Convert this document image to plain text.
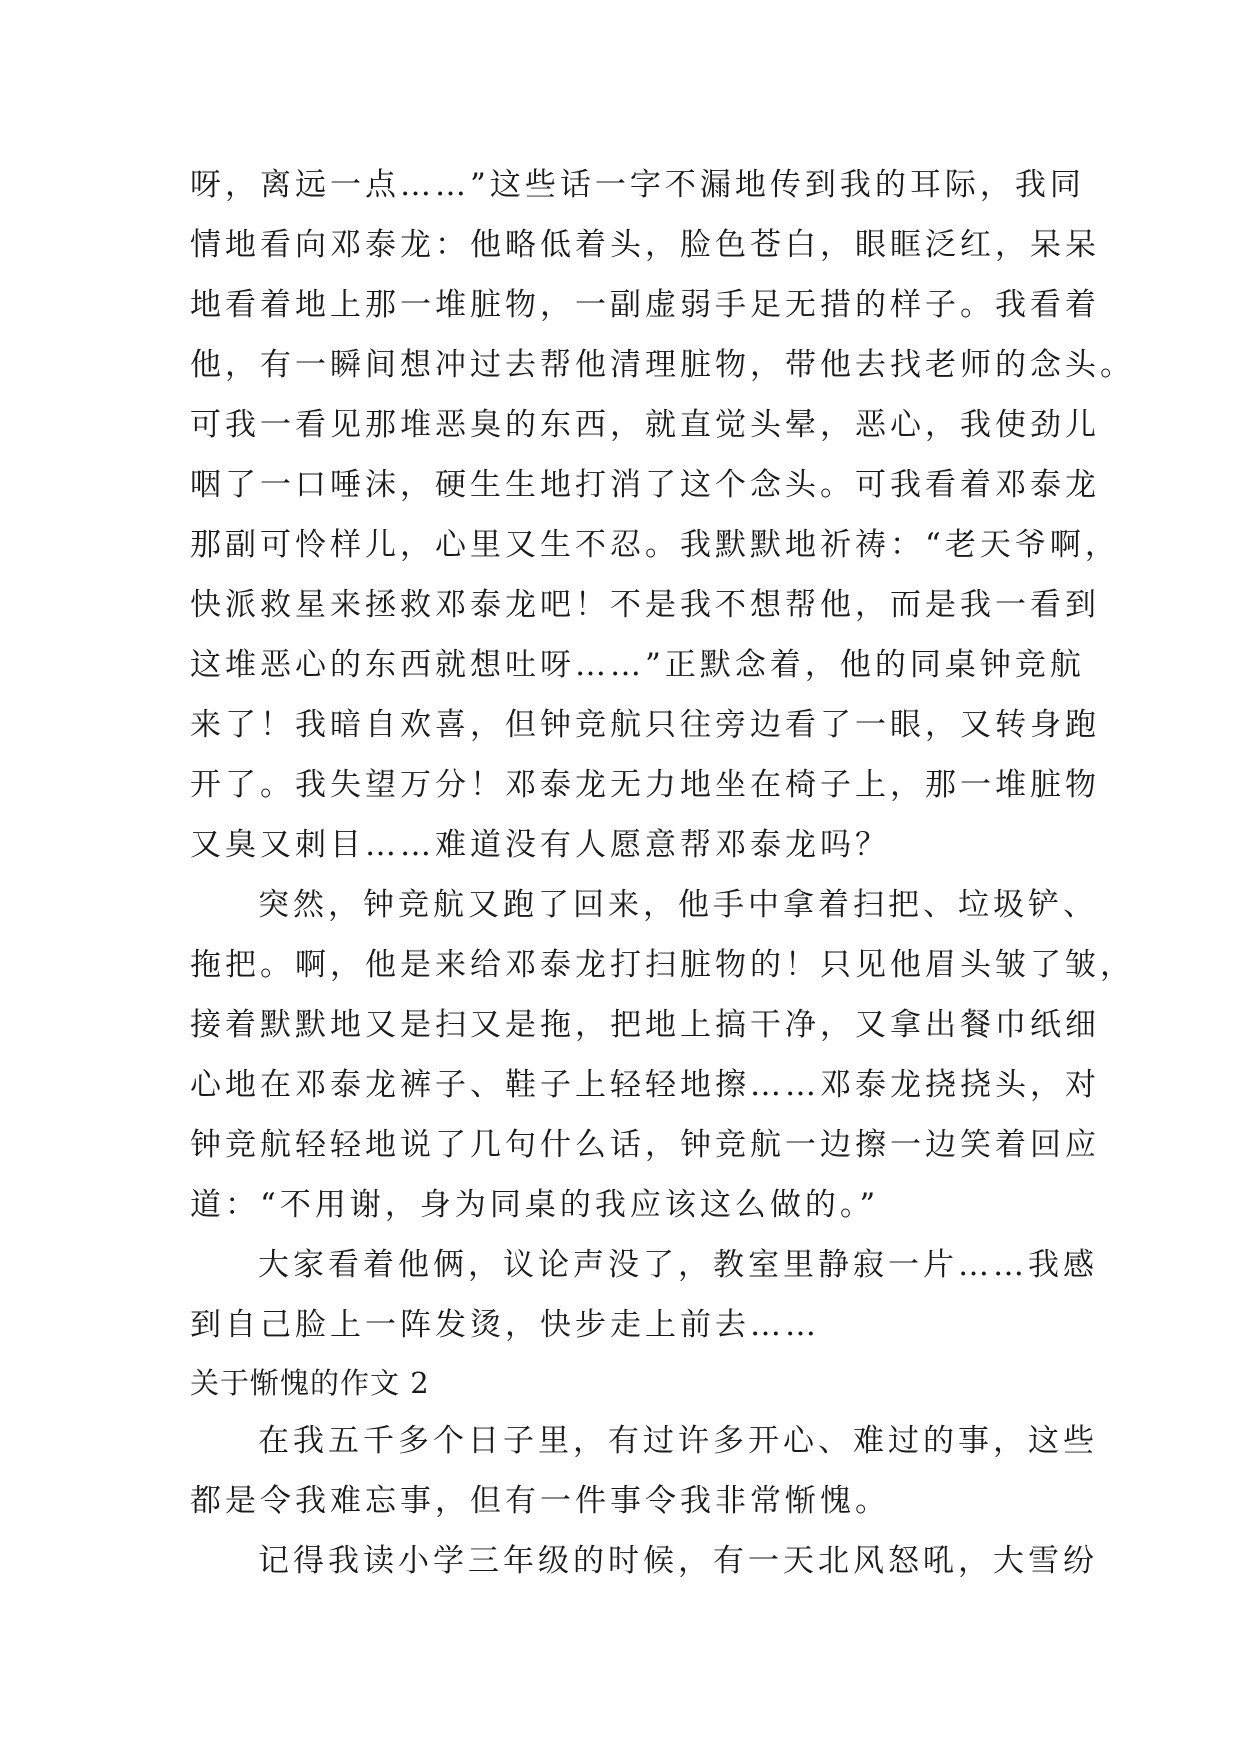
呀，离远一点……”这些话一字不漏地传到我的耳际，我同
情地看向邓泰龙：他略低着头，脸色苍白，眼眶泛红，呆呆
地看着地上那一堆脏物，一副虚弱手足无措的样子。我看着
他，有一瞬间想冲过去帮他清理脏物，带他去找老师的念头。
可我一看见那堆恶臭的东西，就直觉头晕，恶心，我使劲儿
咽了一口唾沫，硬生生地打消了这个念头。可我看着邓泰龙
那副可怜样儿，心里又生不忍。我默默地祈祷：“老天爷啊，
快派救星来拯救邓泰龙吧！不是我不想帮他，而是我一看到
这堆恶心的东西就想吐呀……”正默念着，他的同桌钟竞航
来了！我暗自欢喜，但钟竞航只往旁边看了一眼，又转身跑
开了。我失望万分！邓泰龙无力地坐在椅子上，那一堆脏物
又臭又刺目……难道没有人愿意帮邓泰龙吗？
突然，钟竞航又跑了回来，他手中拿着扫把、垃圾铲、
拖把。啊，他是来给邓泰龙打扫脏物的！只见他眉头皱了皱，
接着默默地又是扫又是拖，把地上搞干净，又拿出餐巾纸细
心地在邓泰龙裤子、鞋子上轻轻地擦……邓泰龙挠挠头，对
钟竞航轻轻地说了几句什么话，钟竞航一边擦一边笑着回应
道：“不用谢，身为同桌的我应该这么做的。”
大家看着他俩，议论声没了，教室里静寂一片……我感
到自己脸上一阵发烫，快步走上前去……
关于惭愧的作文 2
在我五千多个日子里，有过许多开心、难过的事，这些
都是令我难忘事，但有一件事令我非常惭愧。
记得我读小学三年级的时候，有一天北风怒吼，大雪纷
